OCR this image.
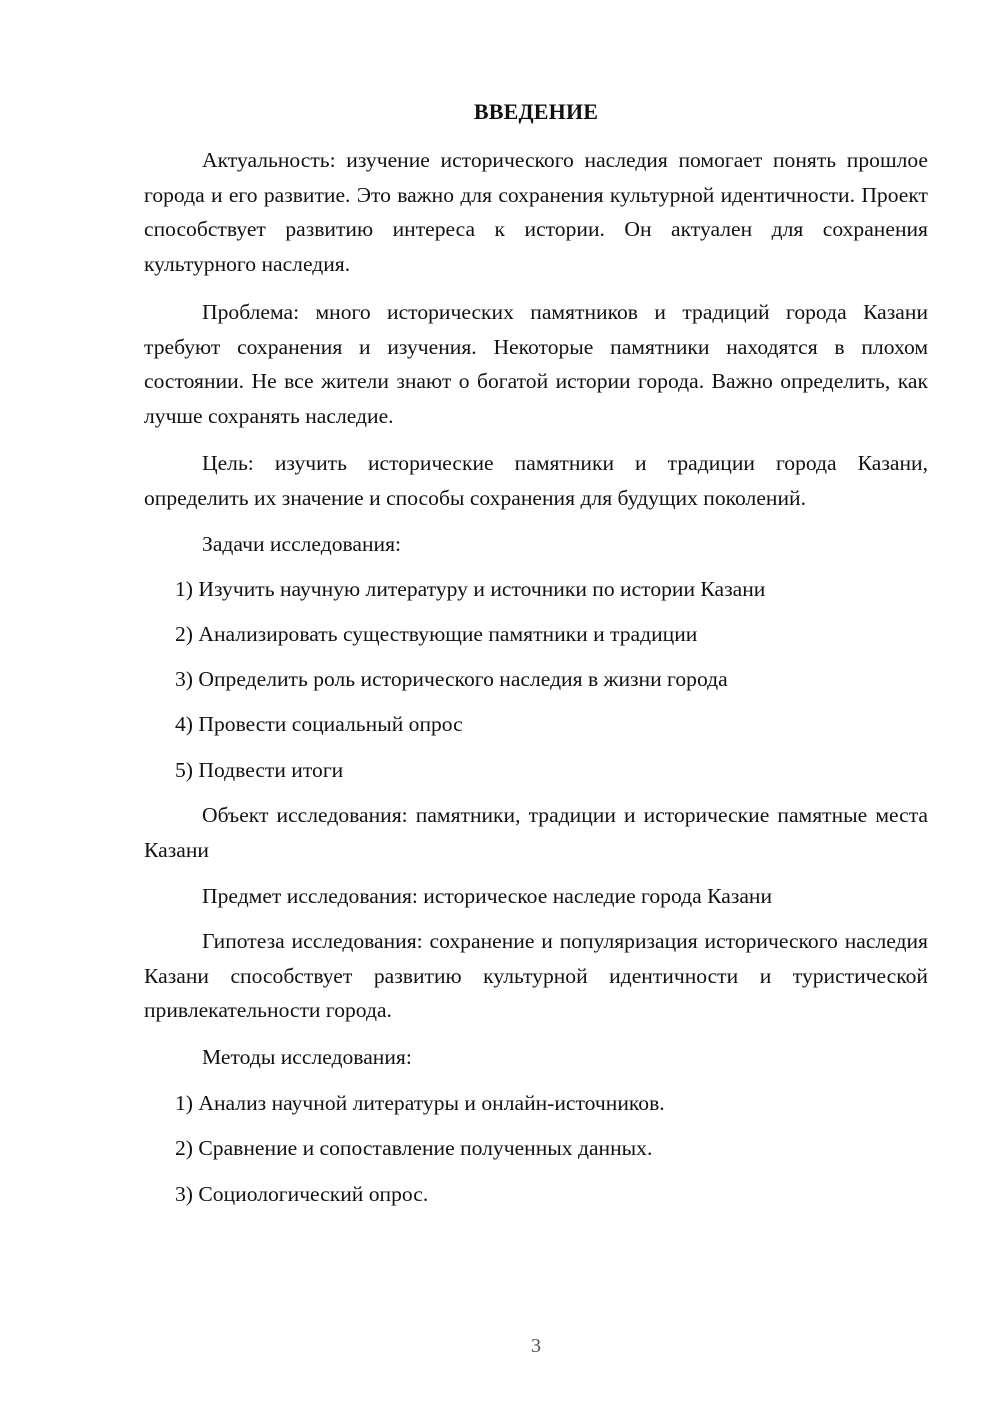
ВВЕДЕНИЕ

Актуальность: изучение исторического наследия помогает понять прошлое города и его развитие. Это важно для сохранения культурной идентичности. Проект способствует развитию интереса к истории. Он актуален для сохранения культурного наследия.

Проблема: много исторических памятников и традиций города Казани требуют сохранения и изучения. Некоторые памятники находятся в плохом состоянии. Не все жители знают о богатой истории города. Важно определить, как лучше сохранять наследие.

Цель: изучить исторические памятники и традиции города Казани, определить их значение и способы сохранения для будущих поколений.

Задачи исследования:

1) Изучить научную литературу и источники по истории Казани

2) Анализировать существующие памятники и традиции

3) Определить роль исторического наследия в жизни города

4) Провести социальный опрос

5) Подвести итоги

Объект исследования: памятники, традиции и исторические памятные места Казани

Предмет исследования: историческое наследие города Казани

Гипотеза исследования: сохранение и популяризация исторического наследия Казани способствует развитию культурной идентичности и туристической привлекательности города.

Методы исследования:

1) Анализ научной литературы и онлайн-источников.

2) Сравнение и сопоставление полученных данных.

3) Социологический опрос.

3
